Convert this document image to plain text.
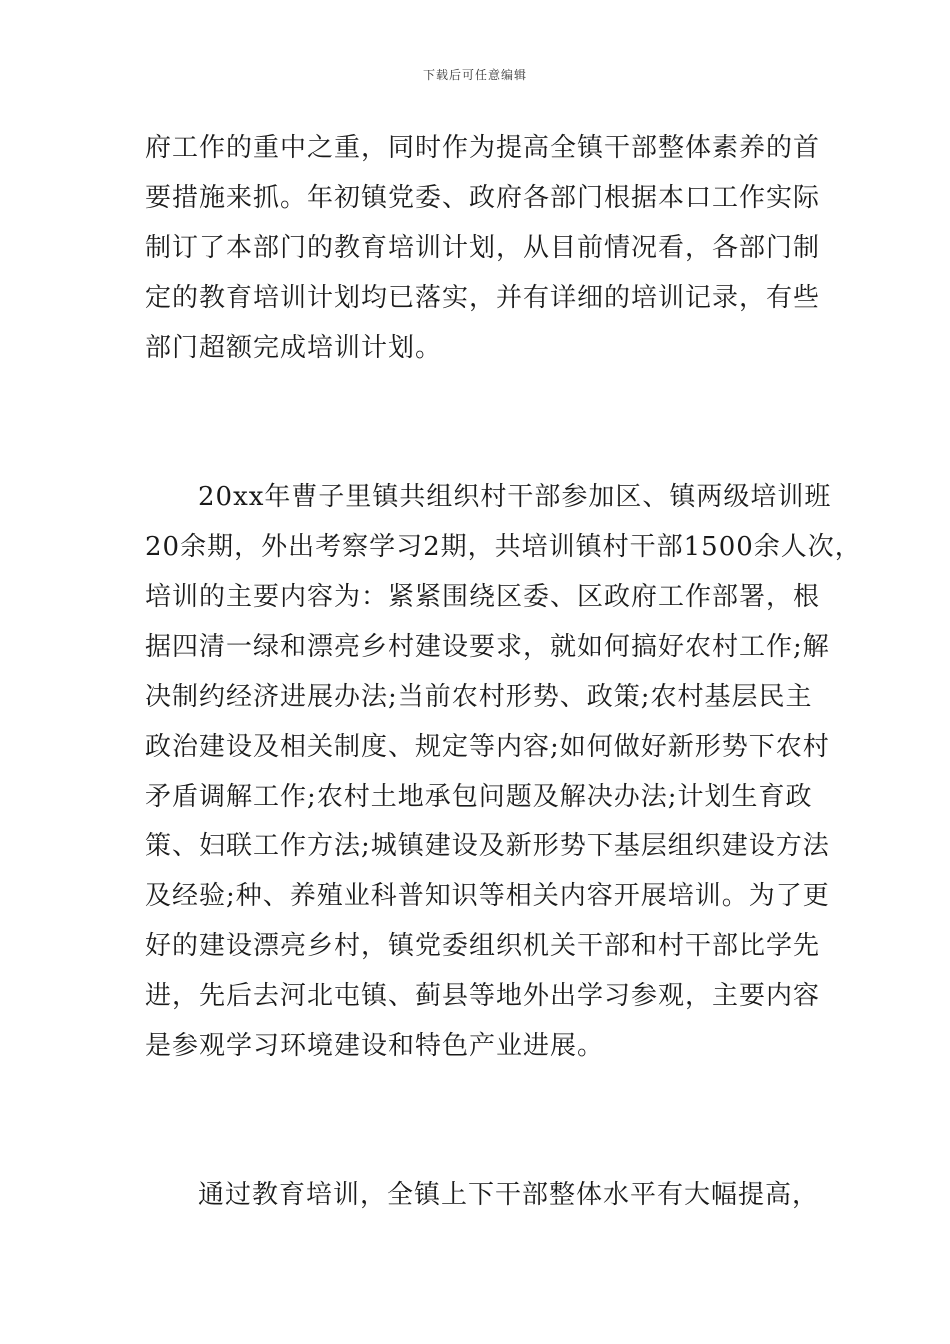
下载后可任意编辑
府工作的重中之重，同时作为提高全镇干部整体素养的首
要措施来抓。年初镇党委、政府各部门根据本口工作实际
制订了本部门的教育培训计划，从目前情况看，各部门制
定的教育培训计划均已落实，并有详细的培训记录，有些
部门超额完成培训计划。
20xx年曹子里镇共组织村干部参加区、镇两级培训班
20余期，外出考察学习2期，共培训镇村干部1500余人次，
培训的主要内容为：紧紧围绕区委、区政府工作部署，根
据四清一绿和漂亮乡村建设要求，就如何搞好农村工作;解
决制约经济进展办法;当前农村形势、政策;农村基层民主
政治建设及相关制度、规定等内容;如何做好新形势下农村
矛盾调解工作;农村土地承包问题及解决办法;计划生育政
策、妇联工作方法;城镇建设及新形势下基层组织建设方法
及经验;种、养殖业科普知识等相关内容开展培训。为了更
好的建设漂亮乡村，镇党委组织机关干部和村干部比学先
进，先后去河北屯镇、蓟县等地外出学习参观，主要内容
是参观学习环境建设和特色产业进展。
通过教育培训，全镇上下干部整体水平有大幅提高，
